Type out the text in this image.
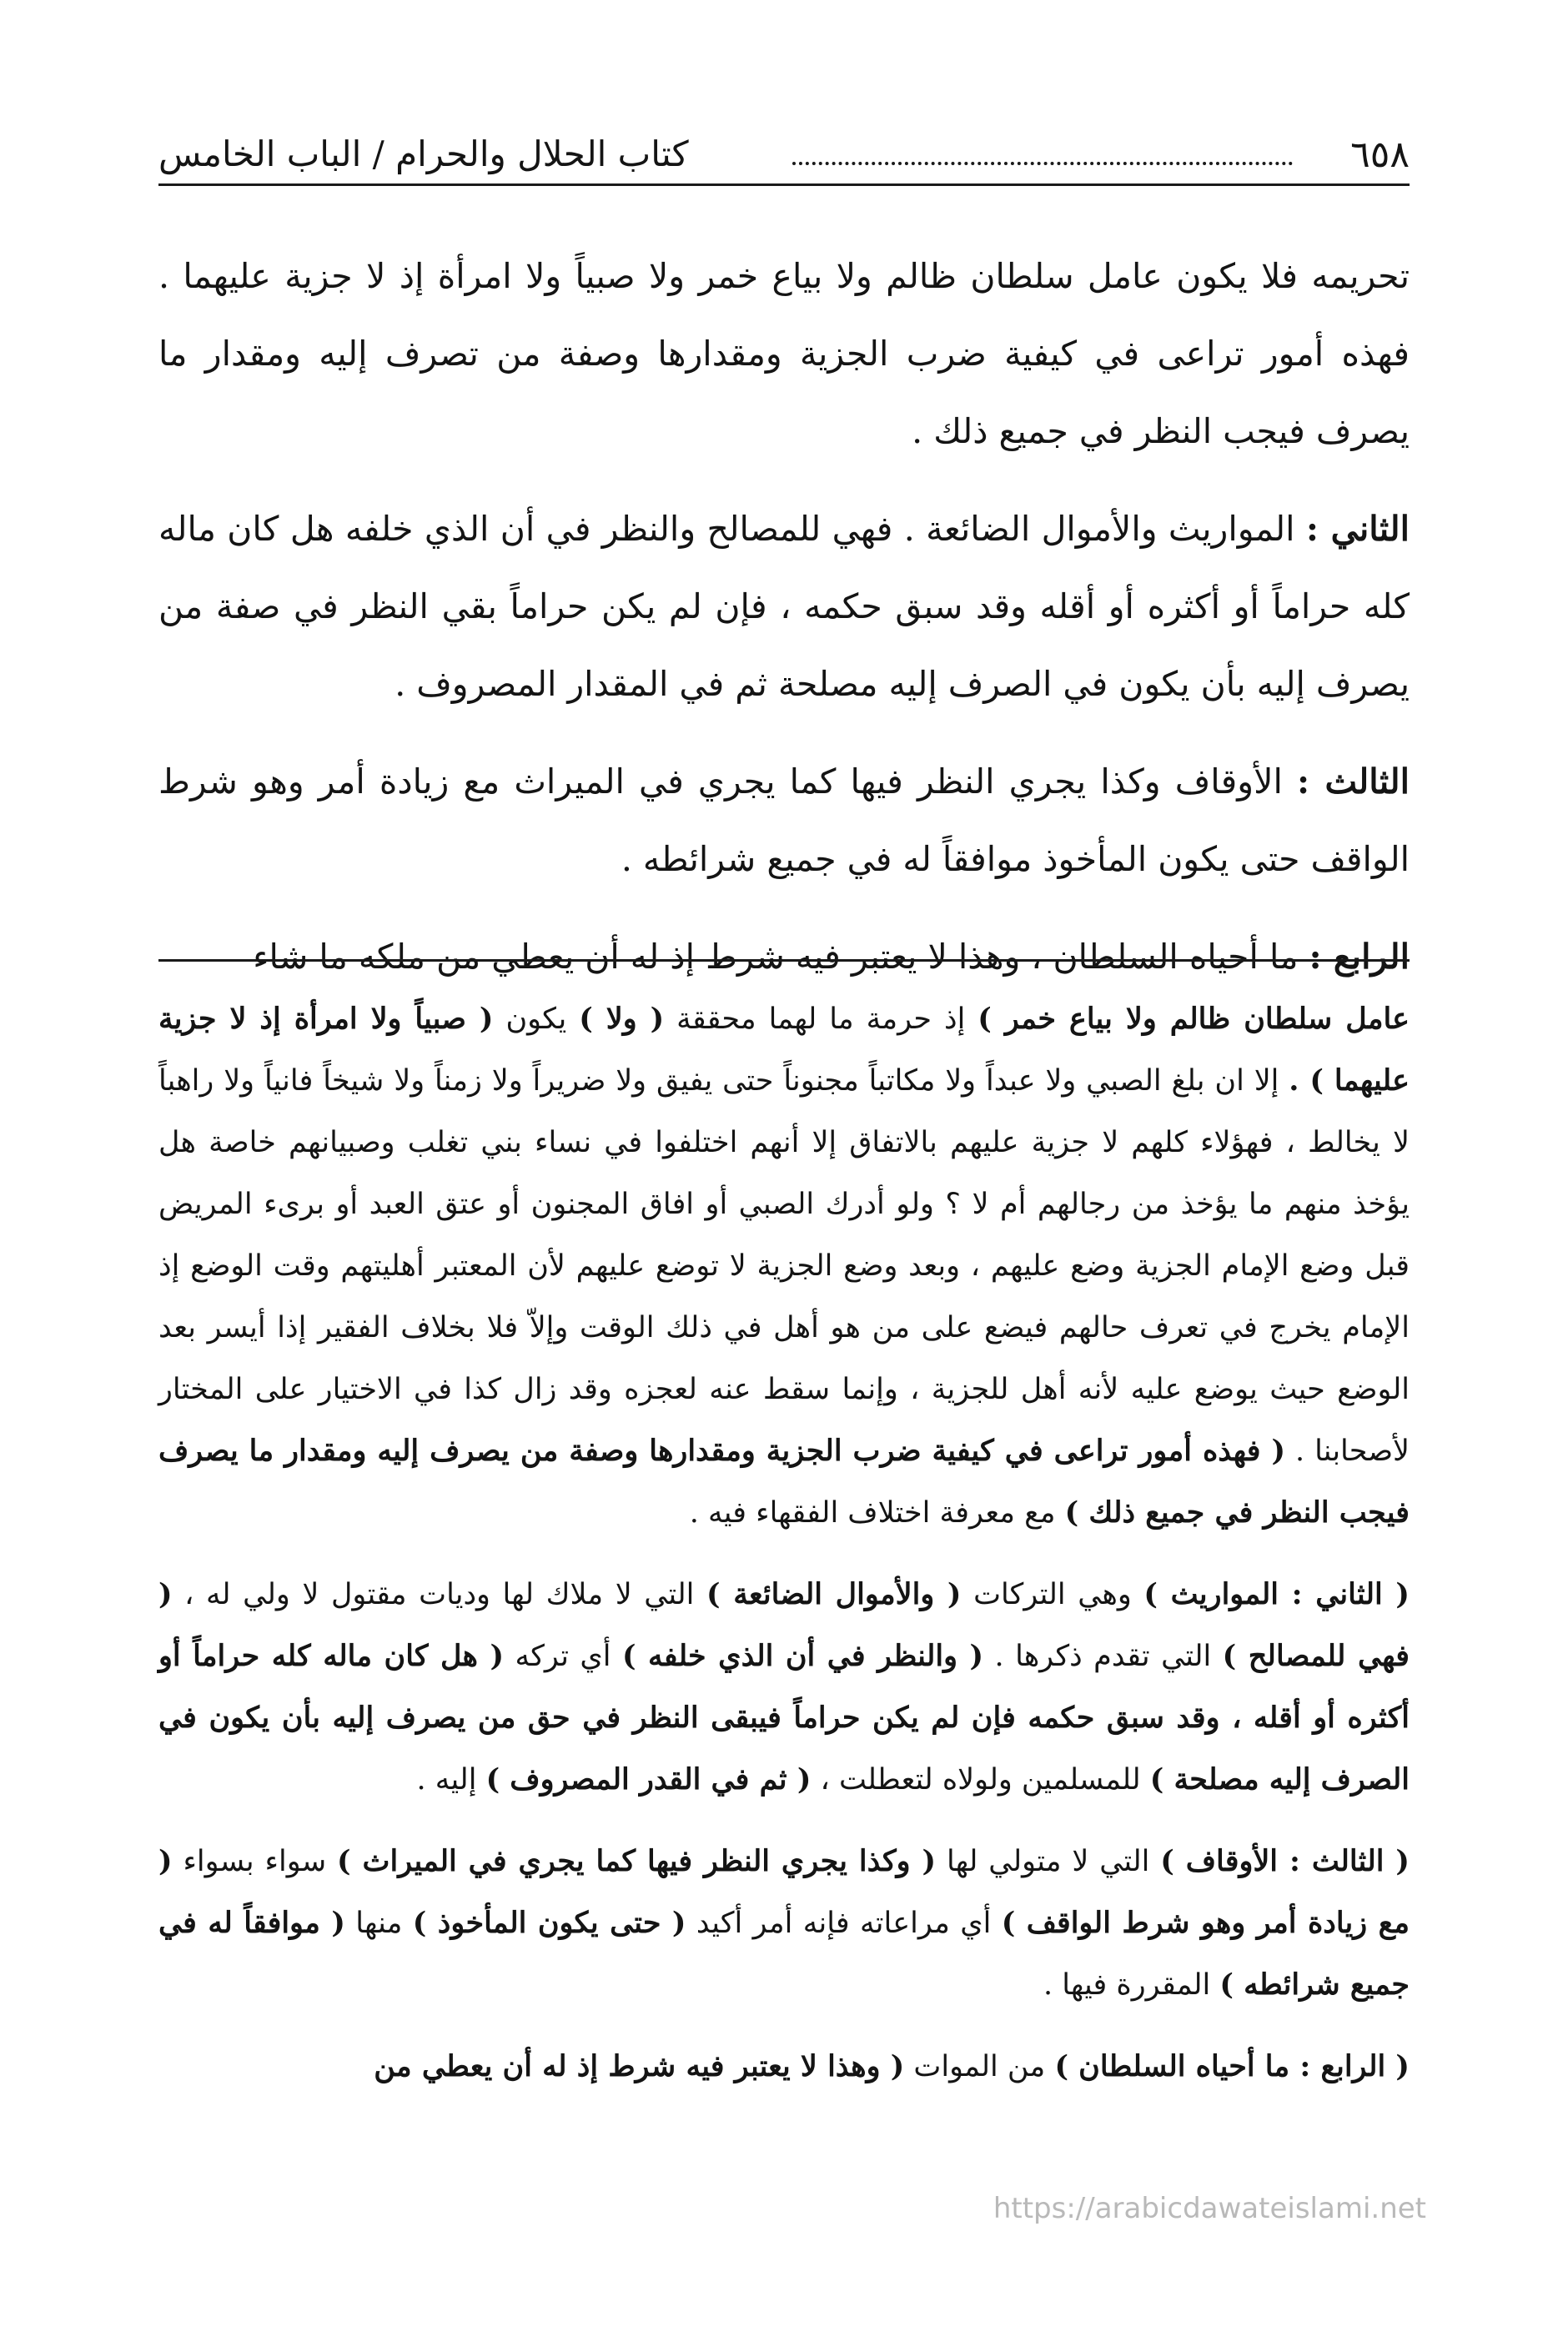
٦٥٨
كتاب الحلال والحرام / الباب الخامس

تحريمه فلا يكون عامل سلطان ظالم ولا بياع خمر ولا صبياً ولا امرأة إذ لا جزية عليهما . فهذه أمور تراعى في كيفية ضرب الجزية ومقدارها وصفة من تصرف إليه ومقدار ما يصرف فيجب النظر في جميع ذلك .

الثاني : المواريث والأموال الضائعة . فهي للمصالح والنظر في أن الذي خلفه هل كان ماله كله حراماً أو أكثره أو أقله وقد سبق حكمه ، فإن لم يكن حراماً بقي النظر في صفة من يصرف إليه بأن يكون في الصرف إليه مصلحة ثم في المقدار المصروف .

الثالث : الأوقاف وكذا يجري النظر فيها كما يجري في الميراث مع زيادة أمر وهو شرط الواقف حتى يكون المأخوذ موافقاً له في جميع شرائطه .

الرابع : ما أحياه السلطان ، وهذا لا يعتبر فيه شرط إذ له أن يعطي من ملكه ما شاء

عامل سلطان ظالم ولا بياع خمر ) إذ حرمة ما لهما محققة ( ولا ) يكون ( صبياً ولا امرأة إذ لا جزية عليهما ) . إلا ان بلغ الصبي ولا عبداً ولا مكاتباً مجنوناً حتى يفيق ولا ضريراً ولا زمناً ولا شيخاً فانياً ولا راهباً لا يخالط ، فهؤلاء كلهم لا جزية عليهم بالاتفاق إلا أنهم اختلفوا في نساء بني تغلب وصبيانهم خاصة هل يؤخذ منهم ما يؤخذ من رجالهم أم لا ؟ ولو أدرك الصبي أو افاق المجنون أو عتق العبد أو برىء المريض قبل وضع الإمام الجزية وضع عليهم ، وبعد وضع الجزية لا توضع عليهم لأن المعتبر أهليتهم وقت الوضع إذ الإمام يخرج في تعرف حالهم فيضع على من هو أهل في ذلك الوقت وإلاّ فلا بخلاف الفقير إذا أيسر بعد الوضع حيث يوضع عليه لأنه أهل للجزية ، وإنما سقط عنه لعجزه وقد زال كذا في الاختيار على المختار لأصحابنا . ( فهذه أمور تراعى في كيفية ضرب الجزية ومقدارها وصفة من يصرف إليه ومقدار ما يصرف فيجب النظر في جميع ذلك ) مع معرفة اختلاف الفقهاء فيه .

( الثاني : المواريث ) وهي التركات ( والأموال الضائعة ) التي لا ملاك لها وديات مقتول لا ولي له ، ( فهي للمصالح ) التي تقدم ذكرها . ( والنظر في أن الذي خلفه ) أي تركه ( هل كان ماله كله حراماً أو أكثره أو أقله ، وقد سبق حكمه فإن لم يكن حراماً فيبقى النظر في حق من يصرف إليه بأن يكون في الصرف إليه مصلحة ) للمسلمين ولولاه لتعطلت ، ( ثم في القدر المصروف ) إليه .

( الثالث : الأوقاف ) التي لا متولي لها ( وكذا يجري النظر فيها كما يجري في الميراث ) سواء بسواء ( مع زيادة أمر وهو شرط الواقف ) أي مراعاته فإنه أمر أكيد ( حتى يكون المأخوذ ) منها ( موافقاً له في جميع شرائطه ) المقررة فيها .

( الرابع : ما أحياه السلطان ) من الموات ( وهذا لا يعتبر فيه شرط إذ له أن يعطي من

https://arabicdawateislami.net
